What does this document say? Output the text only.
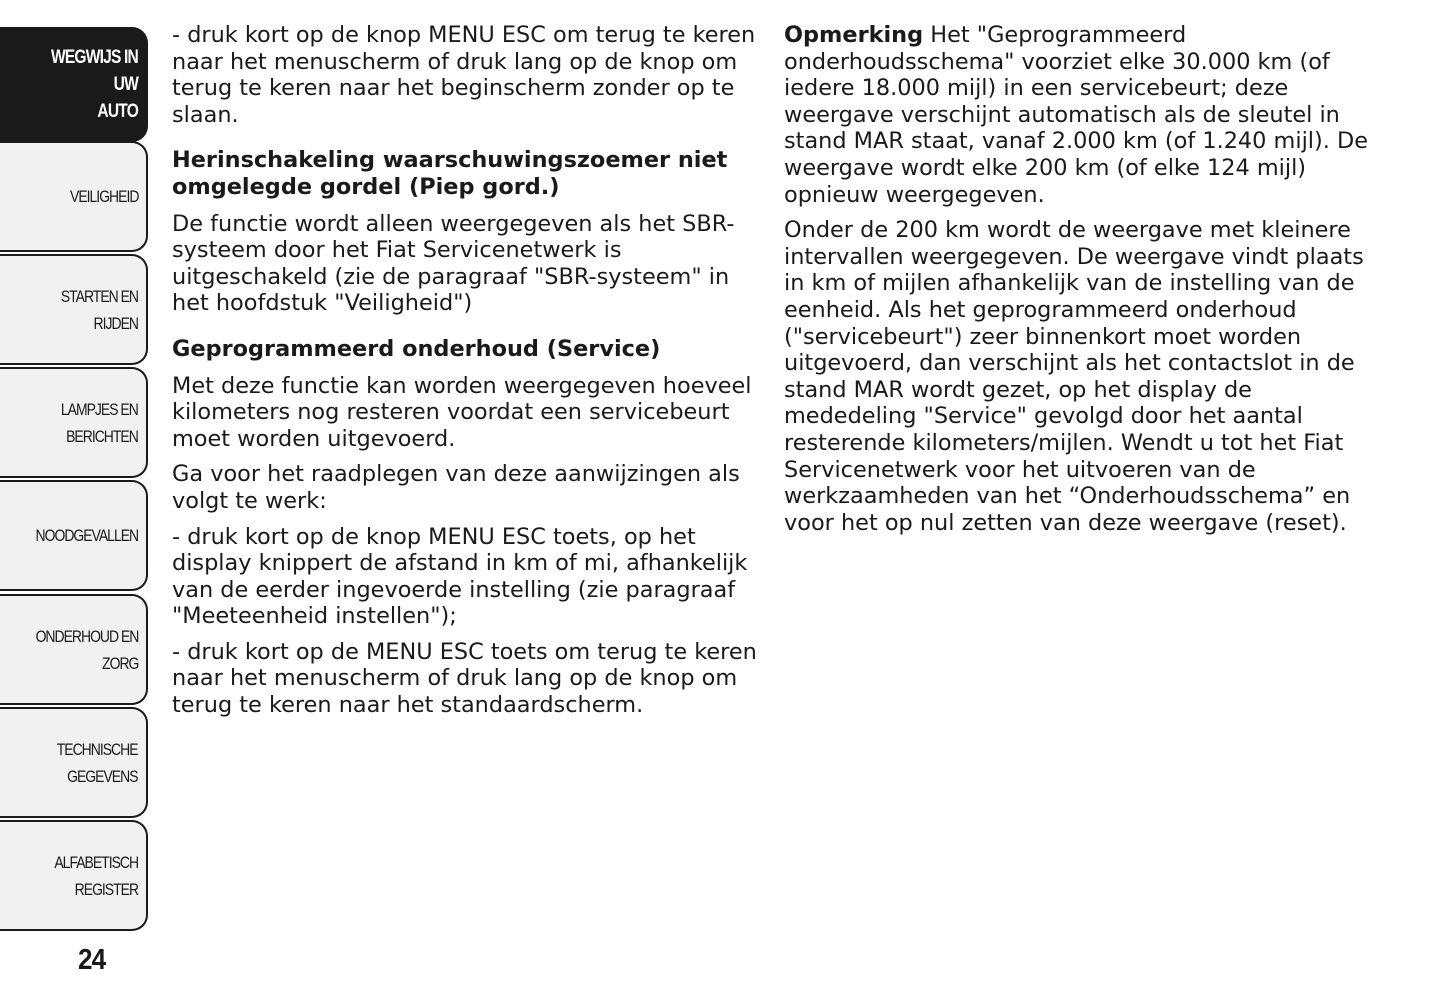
WEGWIJS IN UW
AUTO
VEILIGHEID
STARTEN EN RIJDEN
LAMPJES EN
BERICHTEN
NOODGEVALLEN
ONDERHOUD EN
ZORG
TECHNISCHE
GEGEVENS
ALFABETISCH
REGISTER
24

- druk kort op de knop MENU ESC om terug te keren naar het menuscherm of druk lang op de knop om terug te keren naar het beginscherm zonder op te slaan.

Herinschakeling waarschuwingszoemer niet omgelegde gordel (Piep gord.)

De functie wordt alleen weergegeven als het SBR-systeem door het Fiat Servicenetwerk is uitgeschakeld (zie de paragraaf "SBR-systeem" in het hoofdstuk "Veiligheid")

Geprogrammeerd onderhoud (Service)

Met deze functie kan worden weergegeven hoeveel kilometers nog resteren voordat een servicebeurt moet worden uitgevoerd.

Ga voor het raadplegen van deze aanwijzingen als volgt te werk:

- druk kort op de knop MENU ESC toets, op het display knippert de afstand in km of mi, afhankelijk van de eerder ingevoerde instelling (zie paragraaf "Meeteenheid instellen");

- druk kort op de MENU ESC toets om terug te keren naar het menuscherm of druk lang op de knop om terug te keren naar het standaardscherm.

Opmerking Het "Geprogrammeerd onderhoudsschema" voorziet elke 30.000 km (of iedere 18.000 mijl) in een servicebeurt; deze weergave verschijnt automatisch als de sleutel in stand MAR staat, vanaf 2.000 km (of 1.240 mijl). De weergave wordt elke 200 km (of elke 124 mijl) opnieuw weergegeven.

Onder de 200 km wordt de weergave met kleinere intervallen weergegeven. De weergave vindt plaats in km of mijlen afhankelijk van de instelling van de eenheid. Als het geprogrammeerd onderhoud ("servicebeurt") zeer binnenkort moet worden uitgevoerd, dan verschijnt als het contactslot in de stand MAR wordt gezet, op het display de mededeling "Service" gevolgd door het aantal resterende kilometers/mijlen. Wendt u tot het Fiat Servicenetwerk voor het uitvoeren van de werkzaamheden van het “Onderhoudsschema” en voor het op nul zetten van deze weergave (reset).
